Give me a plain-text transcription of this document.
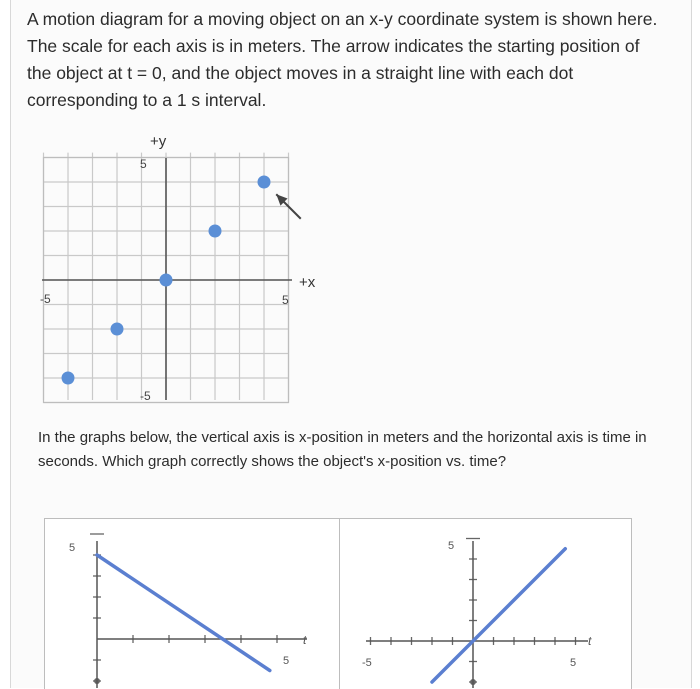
A motion diagram for a moving object on an x-y coordinate system is shown here. The scale for each axis is in meters. The arrow indicates the starting position of the object at t = 0, and the object moves in a straight line with each dot corresponding to a 1 s interval.
+y
+x
-5	5
5
-5
In the graphs below, the vertical axis is x-position in meters and the horizontal axis is time in seconds. Which graph correctly shows the object's x-position vs. time?
5
5
t
5
5
-5
t
